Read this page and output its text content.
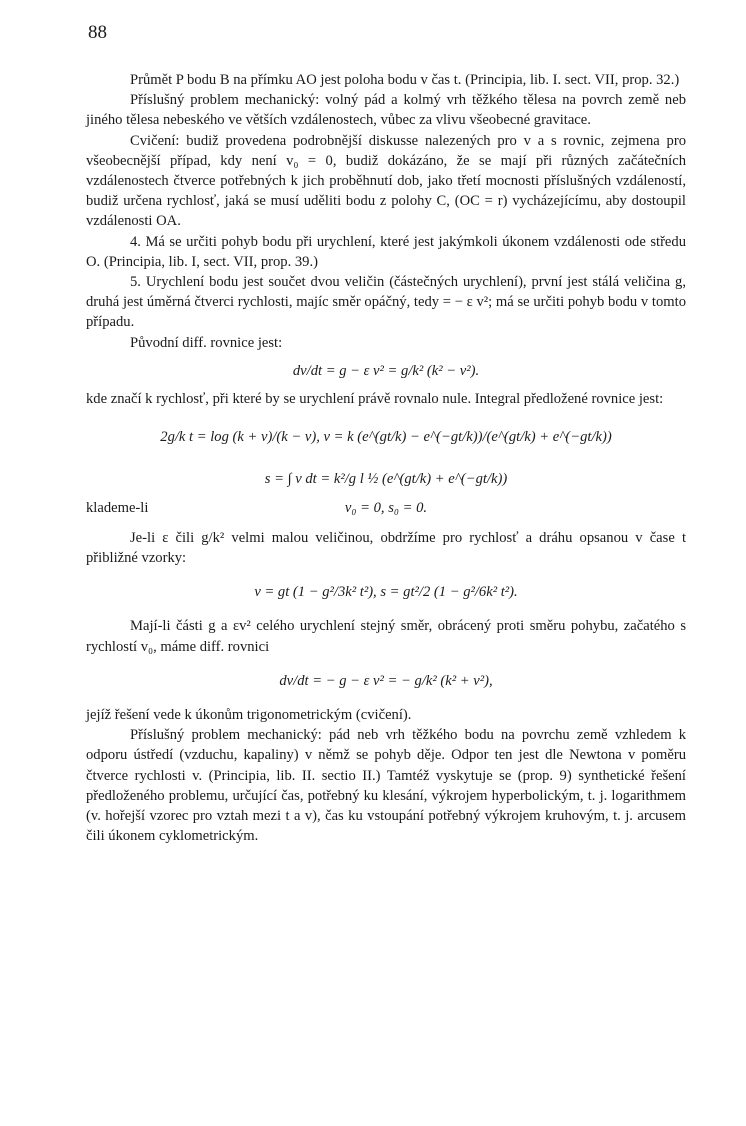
88

Průmět P bodu B na přímku AO jest poloha bodu v čas t. (Principia, lib. I. sect. VII, prop. 32.)

Příslušný problem mechanický: volný pád a kolmý vrh těžkého tělesa na povrch země neb jiného tělesa nebeského ve větších vzdálenostech, vůbec za vlivu všeobecné gravitace.

Cvičení: budiž provedena podrobnější diskusse nalezených pro v a s rovnic, zejmena pro všeobecnější případ, kdy není v₀ = 0, budiž dokázáno, že se mají při různých začátečních vzdálenostech čtverce potřebných k jich proběhnutí dob, jako třetí mocnosti příslušných vzdáleností, budiž určena rychlosť, jaká se musí uděliti bodu z polohy C, (OC = r) vycházejícímu, aby dostoupil vzdálenosti OA.

4. Má se určiti pohyb bodu při urychlení, které jest jakýmkoli úkonem vzdálenosti ode středu O. (Principia, lib. I, sect. VII, prop. 39.)

5. Urychlení bodu jest součet dvou veličin (částečných urychlení), první jest stálá veličina g, druhá jest úměrná čtverci rychlosti, majíc směr opáčný, tedy = − ε v²; má se určiti pohyb bodu v tomto případu.

Původní diff. rovnice jest:

dv/dt = g − ε v² = g/k² (k² − v²).

kde značí k rychlosť, při které by se urychlení právě rovnalo nule. Integral předložené rovnice jest:

2g/k t = log (k + v)/(k − v), v = k (e^(gt/k) − e^(−gt/k))/(e^(gt/k) + e^(−gt/k))
s = ∫ v dt = k²/g l ½ (e^(gt/k) + e^(−gt/k))
klademe-li	v₀ = 0, s₀ = 0.

Je-li ε čili g/k² velmi malou veličinou, obdržíme pro rychlosť a dráhu opsanou v čase t přibližné vzorky:

v = gt (1 − g²/3k² t²), s = gt²/2 (1 − g²/6k² t²).

Mají-li části g a εv² celého urychlení stejný směr, obrácený proti směru pohybu, začatého s rychlostí v₀, máme diff. rovnici

dv/dt = − g − ε v² = − g/k² (k² + v²),

jejíž řešení vede k úkonům trigonometrickým (cvičení).

Příslušný problem mechanický: pád neb vrh těžkého bodu na povrchu země vzhledem k odporu ústředí (vzduchu, kapaliny) v němž se pohyb děje. Odpor ten jest dle Newtona v poměru čtverce rychlosti v. (Principia, lib. II. sectio II.) Tamtéž vyskytuje se (prop. 9) synthetické řešení předloženého problemu, určující čas, potřebný ku klesání, výkrojem hyperbolickým, t. j. logarithmem (v. hořejší vzorec pro vztah mezi t a v), čas ku vstoupání potřebný výkrojem kruhovým, t. j. arcusem čili úkonem cyklometrickým.
